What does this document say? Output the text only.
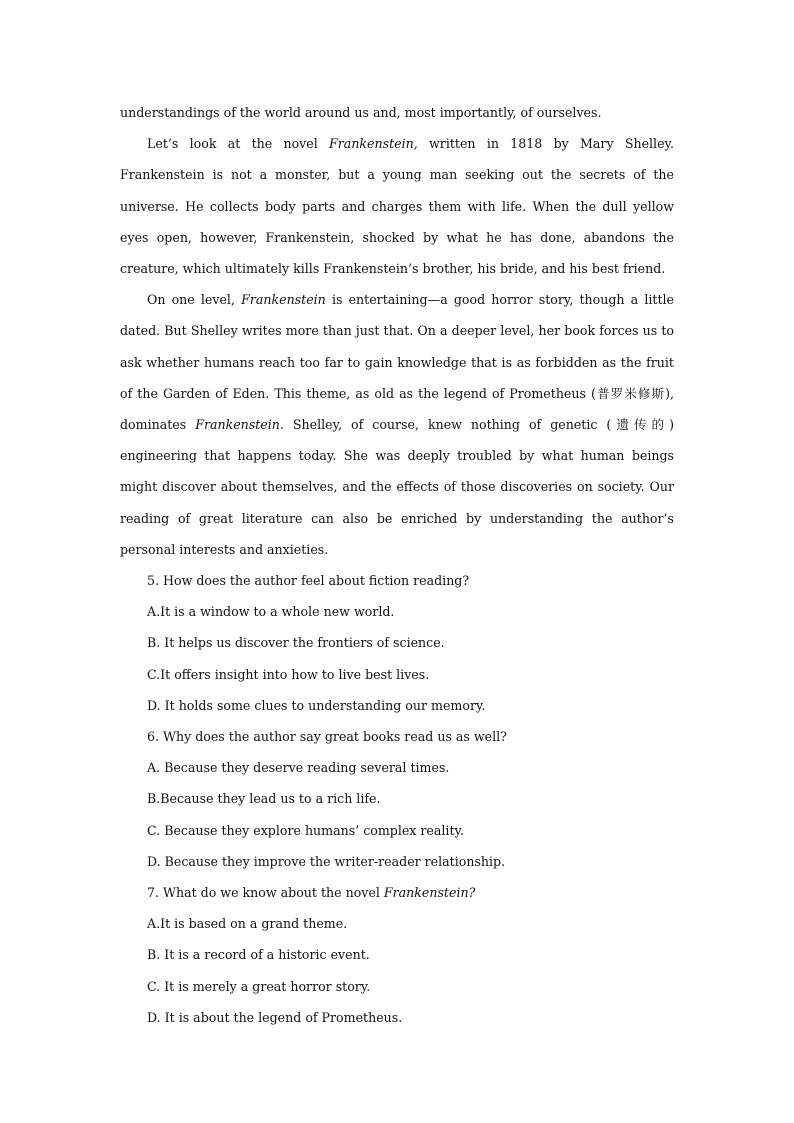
understandings of the world around us and, most importantly, of ourselves.

Let’s look at the novel Frankenstein, written in 1818 by Mary Shelley. Frankenstein is not a monster, but a young man seeking out the secrets of the universe. He collects body parts and charges them with life. When the dull yellow eyes open, however, Frankenstein, shocked by what he has done, abandons the creature, which ultimately kills Frankenstein’s brother, his bride, and his best friend.

On one level, Frankenstein is entertaining—a good horror story, though a little dated. But Shelley writes more than just that. On a deeper level, her book forces us to ask whether humans reach too far to gain knowledge that is as forbidden as the fruit of the Garden of Eden. This theme, as old as the legend of Prometheus (普罗米修斯), dominates Frankenstein. Shelley, of course, knew nothing of genetic (遗传的) engineering that happens today. She was deeply troubled by what human beings might discover about themselves, and the effects of those discoveries on society. Our reading of great literature can also be enriched by understanding the author’s personal interests and anxieties.

5. How does the author feel about fiction reading?
A.It is a window to a whole new world.
B. It helps us discover the frontiers of science.
C.It offers insight into how to live best lives.
D. It holds some clues to understanding our memory.
6. Why does the author say great books read us as well?
A. Because they deserve reading several times.
B.Because they lead us to a rich life.
C. Because they explore humans’ complex reality.
D. Because they improve the writer-reader relationship.
7. What do we know about the novel Frankenstein?
A.It is based on a grand theme.
B. It is a record of a historic event.
C. It is merely a great horror story.
D. It is about the legend of Prometheus.
